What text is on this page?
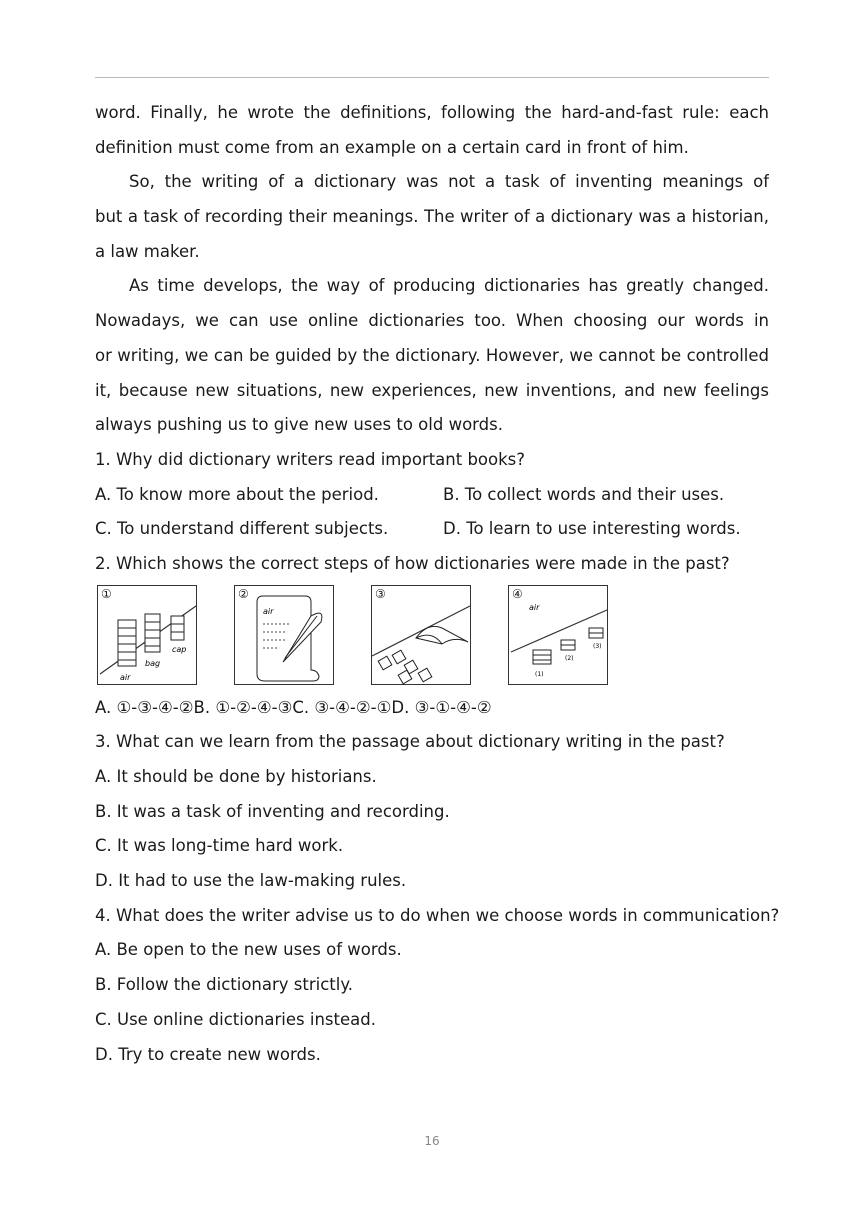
word. Finally, he wrote the definitions, following the hard-and-fast rule: each
definition must come from an example on a certain card in front of him.
So, the writing of a dictionary was not a task of inventing meanings of
but a task of recording their meanings. The writer of a dictionary was a historian,
a law maker.
As time develops, the way of producing dictionaries has greatly changed.
Nowadays, we can use online dictionaries too. When choosing our words in
or writing, we can be guided by the dictionary. However, we cannot be controlled
it, because new situations, new experiences, new inventions, and new feelings
always pushing us to give new uses to old words.
1. Why did dictionary writers read important books?
A. To know more about the period.	B. To collect words and their uses.
C. To understand different subjects.	D. To learn to use interesting words.
2. Which shows the correct steps of how dictionaries were made in the past?
①
bag
cap
air
②
air
③	④
air
(3)
(2)
(1)
A. ①-③-④-②B. ①-②-④-③C. ③-④-②-①D. ③-①-④-②
3. What can we learn from the passage about dictionary writing in the past?
A. It should be done by historians.
B. It was a task of inventing and recording.
C. It was long-time hard work.
D. It had to use the law-making rules.
4. What does the writer advise us to do when we choose words in communication?
A. Be open to the new uses of words.
B. Follow the dictionary strictly.
C. Use online dictionaries instead.
D. Try to create new words.
16
